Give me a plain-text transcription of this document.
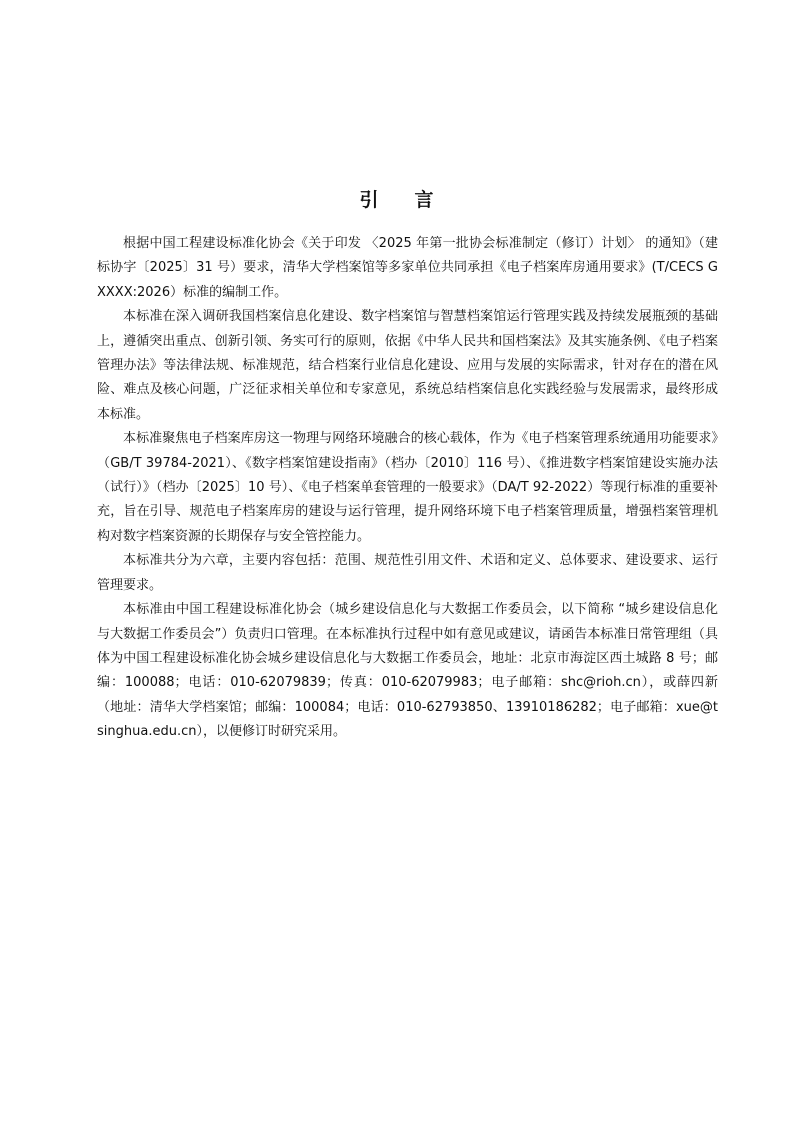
引言

根据中国工程建设标准化协会《关于印发 〈2025 年第一批协会标准制定（修订）计划〉 的通知》（建标协字〔2025〕31 号）要求，清华大学档案馆等多家单位共同承担《电子档案库房通用要求》(T/CECS G XXXX:2026）标准的编制工作。

本标准在深入调研我国档案信息化建设、数字档案馆与智慧档案馆运行管理实践及持续发展瓶颈的基础上，遵循突出重点、创新引领、务实可行的原则，依据《中华人民共和国档案法》及其实施条例、《电子档案管理办法》等法律法规、标准规范，结合档案行业信息化建设、应用与发展的实际需求，针对存在的潜在风险、难点及核心问题，广泛征求相关单位和专家意见，系统总结档案信息化实践经验与发展需求，最终形成本标准。

本标准聚焦电子档案库房这一物理与网络环境融合的核心载体，作为《电子档案管理系统通用功能要求》（GB/T 39784-2021）、《数字档案馆建设指南》（档办〔2010〕116 号）、《推进数字档案馆建设实施办法 （试行）》（档办〔2025〕10 号）、《电子档案单套管理的一般要求》（DA/T 92-2022）等现行标准的重要补充，旨在引导、规范电子档案库房的建设与运行管理，提升网络环境下电子档案管理质量，增强档案管理机构对数字档案资源的长期保存与安全管控能力。

本标准共分为六章，主要内容包括：范围、规范性引用文件、术语和定义、总体要求、建设要求、运行管理要求。

本标准由中国工程建设标准化协会（城乡建设信息化与大数据工作委员会，以下简称 “城乡建设信息化与大数据工作委员会”）负责归口管理。在本标准执行过程中如有意见或建议，请函告本标准日常管理组（具体为中国工程建设标准化协会城乡建设信息化与大数据工作委员会，地址：北京市海淀区西土城路 8 号；邮编：100088；电话：010-62079839；传真：010-62079983；电子邮箱：shc@rioh.cn），或薛四新（地址：清华大学档案馆；邮编：100084；电话：010-62793850、13910186282；电子邮箱：xue@tsinghua.edu.cn），以便修订时研究采用。
